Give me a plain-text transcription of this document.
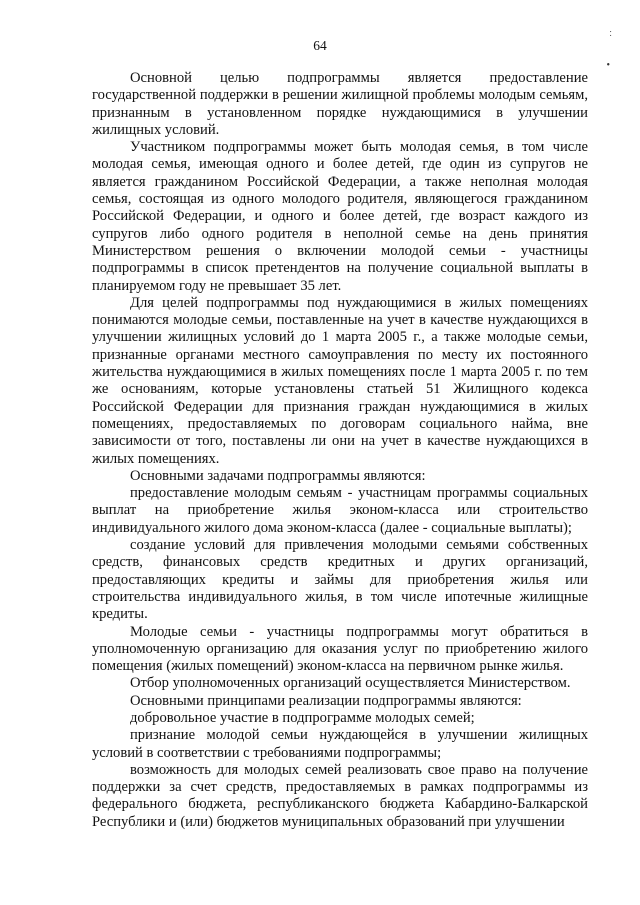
64
ː
•

Основной целью подпрограммы является предоставление государственной поддержки в решении жилищной проблемы молодым семьям, признанным в установленном порядке нуждающимися в улучшении жилищных условий.

Участником подпрограммы может быть молодая семья, в том числе молодая семья, имеющая одного и более детей, где один из супругов не является гражданином Российской Федерации, а также неполная молодая семья, состоящая из одного молодого родителя, являющегося гражданином Российской Федерации, и одного и более детей, где возраст каждого из супругов либо одного родителя в неполной семье на день принятия Министерством решения о включении молодой семьи - участницы подпрограммы в список претендентов на получение социальной выплаты в планируемом году не превышает 35 лет.

Для целей подпрограммы под нуждающимися в жилых помещениях понимаются молодые семьи, поставленные на учет в качестве нуждающихся в улучшении жилищных условий до 1 марта 2005 г., а также молодые семьи, признанные органами местного самоуправления по месту их постоянного жительства нуждающимися в жилых помещениях после 1 марта 2005 г. по тем же основаниям, которые установлены статьей 51 Жилищного кодекса Российской Федерации для признания граждан нуждающимися в жилых помещениях, предоставляемых по договорам социального найма, вне зависимости от того, поставлены ли они на учет в качестве нуждающихся в жилых помещениях.

Основными задачами подпрограммы являются:

предоставление молодым семьям - участницам программы социальных выплат на приобретение жилья эконом-класса или строительство индивидуального жилого дома эконом-класса (далее - социальные выплаты);

создание условий для привлечения молодыми семьями собственных средств, финансовых средств кредитных и других организаций, предоставляющих кредиты и займы для приобретения жилья или строительства индивидуального жилья, в том числе ипотечные жилищные кредиты.

Молодые семьи - участницы подпрограммы могут обратиться в уполномоченную организацию для оказания услуг по приобретению жилого помещения (жилых помещений) эконом-класса на первичном рынке жилья.

Отбор уполномоченных организаций осуществляется Министерством.

Основными принципами реализации подпрограммы являются:

добровольное участие в подпрограмме молодых семей;

признание молодой семьи нуждающейся в улучшении жилищных условий в соответствии с требованиями подпрограммы;

возможность для молодых семей реализовать свое право на получение поддержки за счет средств, предоставляемых в рамках подпрограммы из федерального бюджета, республиканского бюджета Кабардино-Балкарской Республики и (или) бюджетов муниципальных образований при улучшении
